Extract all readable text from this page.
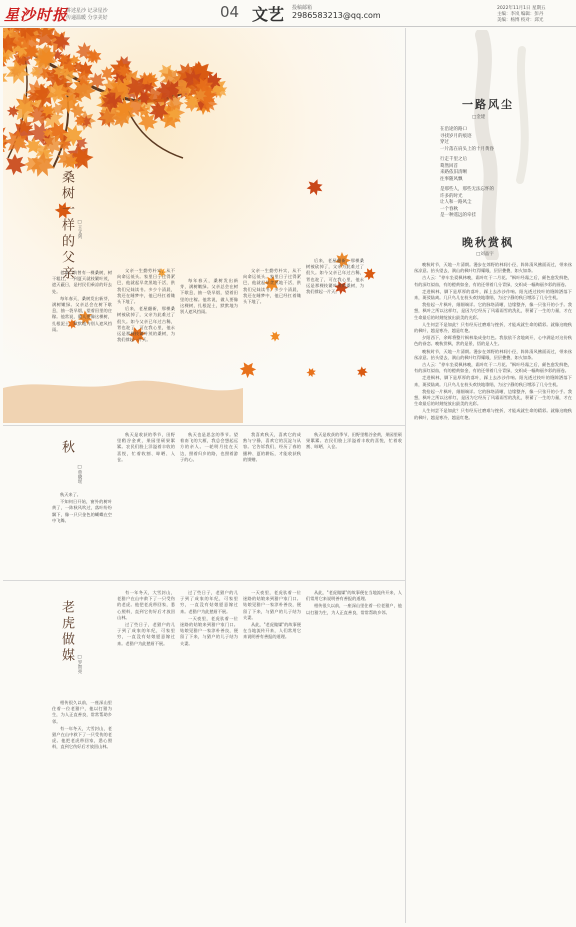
星沙时报
讲述星沙 记录星沙
传递温暖 分享美好	04 文艺 投稿邮箱
2986583213@qq.com
2022年11月1日 星期五
主编：李岚 编辑：彭丹
美编：杨博 校对：邱光
桑树一样的父亲 □王文剑

老家门前曾有一棵桑树，树干粗壮，一到夏天就枝繁叶茂，遮天蔽日，是村民们乘凉的好去处。

每年春天，桑树发出新芽，满树嫩绿。父亲总会在树下歇息，抽一袋旱烟，望着田里的庄稼。他常说，做人要像这棵树，扎根泥土，默默地为别人遮风挡雨。

父亲一生勤劳朴实，从不向命运低头。家里日子过得紧巴，他就起早贪黑地干活，供我们兄妹读书。多少个清晨，我还在睡梦中，他已经扛着锄头下地了。

后来，老屋翻新，那棵桑树被砍掉了，父亲为此难过了很久。如今父亲已年过古稀，背也驼了，可在我心里，他永远是那棵枝繁叶茂的桑树，为我们撑起一片天。

每年春天，桑树发出新芽，满树嫩绿。父亲总会在树下歇息，抽一袋旱烟，望着田里的庄稼。他常说，做人要像这棵树，扎根泥土，默默地为别人遮风挡雨。

父亲一生勤劳朴实，从不向命运低头。家里日子过得紧巴，他就起早贪黑地干活，供我们兄妹读书。多少个清晨，我还在睡梦中，他已经扛着锄头下地了。

后来，老屋翻新，那棵桑树被砍掉了，父亲为此难过了很久。如今父亲已年过古稀，背也驼了，可在我心里，他永远是那棵枝繁叶茂的桑树，为我们撑起一片天。

秋
□曾晓瑶

秋天来了。

不知何日开始，窗外的树叶黄了，一阵秋风吹过，落叶纷纷飘下，像一只只金色的蝴蝶在空中飞舞。

秋天是收获的季节，田野里稻谷金黄，果园里硕果累累。农民们脸上洋溢着丰收的喜悦，忙着收割、晾晒、入仓。

秋天也是思念的季节。望着南飞的大雁，我总会想起远方的亲人。一轮明月挂在天边，照着归乡的路，也照着游子的心。

我喜欢秋天，喜欢它的成熟与宁静，喜欢它的沉淀与从容。它告诉我们，经历了春的播种、夏的耕耘，才能收获秋的馈赠。

秋天是收获的季节，田野里稻谷金黄，果园里硕果累累。农民们脸上洋溢着丰收的喜悦，忙着收割、晾晒、入仓。

老虎做媒
□罗智亮

相传很久以前，一座深山里住着一位老猎户，他以打猎为生，为人正直善良，常常帮助乡邻。

有一年冬天，大雪封山，老猎户在山中救下了一只受伤的老虎。他把老虎带回家，悉心照料，直到它伤好后才放回山林。

有一年冬天，大雪封山，老猎户在山中救下了一只受伤的老虎。他把老虎带回家，悉心照料，直到它伤好后才放回山林。

过了些日子，老猎户的儿子到了成家的年纪，可家里穷，一直没有姑娘愿意嫁过来。老猎户为此愁眉不展。

过了些日子，老猎户的儿子到了成家的年纪，可家里穷，一直没有姑娘愿意嫁过来。老猎户为此愁眉不展。

一天夜里，老虎驮着一位迷路的姑娘来到猎户家门口。姑娘见猎户一家淳朴善良，便留了下来，与猎户的儿子结为夫妻。

一天夜里，老虎驮着一位迷路的姑娘来到猎户家门口。姑娘见猎户一家淳朴善良，便留了下来，与猎户的儿子结为夫妻。

从此，"老虎做媒"的故事便在当地流传开来，人们常用它来说明善有善报的道理。

从此，"老虎做媒"的故事便在当地流传开来，人们常用它来说明善有善报的道理。

相传很久以前，一座深山里住着一位老猎户，他以打猎为生，为人正直善良，常常帮助乡邻。

一路风尘
□金建
在沿途的路口
寻找岁月的痕迹
穿过
一片落在肩头上的十月黄昏
行走千里之后
蓦然回首
来路依旧清晰
往事随风飘
是那些人，那些无法忘怀的
许多的时光
让人和一路风尘
一个春秋
是一种遥远的牵挂
晚秋赏枫
□刘晶宇

晚秋时节，天地一片清朗。漫步在郊野的林间小径，阵阵清风拂面而过，带来丝丝凉意。抬头望去，满山的枫叶红得耀眼，层层叠叠，如火如荼。

古人云："停车坐爱枫林晚，霜叶红于二月花。"枫叶经霜之后，颜色愈发鲜艳，有的深红似血，有的橙黄如金，有的还带着几分青绿，交织成一幅绚丽多彩的画卷。

走进枫林，脚下是厚厚的落叶，踩上去沙沙作响。阳光透过枝叶的缝隙洒落下来，斑驳陆离。几只鸟儿在枝头欢快地歌唱，为这宁静的秋日增添了几分生机。

我拾起一片枫叶，细细端详。它的脉络清晰，边缘整齐，像一只张开的小手。我想，枫叶之所以这样红，是因为它经历了风霜雨雪的洗礼，积蓄了一生的力量，才在生命最后的时刻绽放出最美的光彩。

人生何尝不是如此？只有经历过磨难与挫折，才能成就生命的精彩。就像这晚秋的枫叶，越是寒冷，越是红艳。

夕阳西下，余晖将整片枫林染成金红色。我依依不舍地离开，心中满是对这份秋色的眷恋。晚秋赏枫，赏的是景，悟的是人生。

晚秋时节，天地一片清朗。漫步在郊野的林间小径，阵阵清风拂面而过，带来丝丝凉意。抬头望去，满山的枫叶红得耀眼，层层叠叠，如火如荼。

古人云："停车坐爱枫林晚，霜叶红于二月花。"枫叶经霜之后，颜色愈发鲜艳，有的深红似血，有的橙黄如金，有的还带着几分青绿，交织成一幅绚丽多彩的画卷。

走进枫林，脚下是厚厚的落叶，踩上去沙沙作响。阳光透过枝叶的缝隙洒落下来，斑驳陆离。几只鸟儿在枝头欢快地歌唱，为这宁静的秋日增添了几分生机。

我拾起一片枫叶，细细端详。它的脉络清晰，边缘整齐，像一只张开的小手。我想，枫叶之所以这样红，是因为它经历了风霜雨雪的洗礼，积蓄了一生的力量，才在生命最后的时刻绽放出最美的光彩。

人生何尝不是如此？只有经历过磨难与挫折，才能成就生命的精彩。就像这晚秋的枫叶，越是寒冷，越是红艳。
